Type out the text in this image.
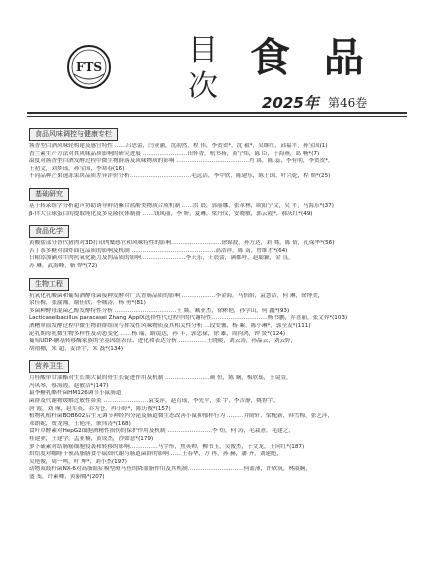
FTS	目
次
食 品
2025年 第46卷
食品风味调控与健康专栏
酱香型白酒风味轮构建及感官特性 ……吕思蕾，闫亚涵，沈韵然，程 伟，李贺贺*，沈 毅*，吴继红，邱福平，孙宝国(1)
香兰素生产方法对其风味品质影响的研究进展 ……………………田怀香，杭书扬，黄宁炜，陈 臣，于海燕，葛 畅*(7)
温度对酱香型白酒发酵过程中微生物群落及风味物质的影响 …………………………………肖 禹，陈 蕊，李有明，李贺贺*，
王初文，刘梦瑶，孙宝国，李寒春(16)
不同品种芒果递冻果块品质差异评价分析……………………………毛远洁，李中欣，陈建乐，陈土国，叶兴乾，程 焕*(25)
基础研究
基于转录组学分析超声协助诱导鲜切紫甘蓝酚类物质合成机制 ……洪 晨，郭丽娜，张革林，欧阳宁文，吴 平，马海乐*(37)
β-伴大豆球蛋白的提取纯化及多克隆抗体制备 ……钱凤丽，李 妍，夏琳，梁丹仪，安晓敏，郭云霞*，郝庆红*(49)
食品化学
黄酸盐部分替代猪肉对3D打印肉糜感官和风味特性的影响………………………徐锦波，孙方达，刘 骞，陈 倩，孔保华*(56)
苦丁茶多糖对油炸面包品质的影响及机制 ………………………………………高浩祥，陈 南，曾维才*(64)
日粮添加硒对牛肉抗氧化能力及肉品质的影响……………………李天乐，王晨蕾，满都呼，赵聪颖，金 良，
苏 琳，武海峰，靳 烨*(72)
生物工程
抗氧化乳酸菌和葡萄酒酵母菌接种发酵对广式香肠品质的影响 ………………李金海，马怡焰，袁慧洁，何 琳，徐博美，
余佳梅，张渝湘，谢佳欣，李城涛，杨 勇*(81)
多菌种酵母混菌乙醇发酵特性分析 ……………………………王 燚，臧亚杰，徐彬艳，孙学山，何 鑫*(93)
Lacticaseibacillus paracasei Zhang AppIX选择性代过程中的代谢特性…………………………杨书鹏，乔喜丽，张文羿*(103)
酒糟单血发酵过程中微生物群群组成与挥发性风味物质及其相关性分析 …段安馨，杨 絮，陈小琳*，郭全友*(111)
泌乳期母乳微生物多样性及动态变化 ……杨 瑞，路镜达，孙 丰，郭忠禄，徐 雄，周钧鸿，钟 贤*(124)
葡萄UDP-糖基转移酶家族的全基因组表征、进化和表达分析 ……………王晓暖，刘云涛，孙晶云，刘云婷，
胡禧棚，朱 超，姜泽宇，朱 磊*(134)
营养卫生
月桂酸单甘油酯对生长期大鼠的骨生长促进作用及机制 ……………………颜 恒，陈 娴，梅欣瑶，王镜萱，
冯风琴，蔡海霞，赵敏洁*(147)
鼠李糖乳酪杆菌HM126调节小鼠肠道
菌群及代谢物缓解过敏性鼻炎 ……………………袁雯萍，赵育瑶，李先平，张 宇，李吉静，姚鲁宇，
唐 霞，刘 瑾，赵军英，乔为仓，冉小婷*，陈历俊*(157)
植物乳植杆菌BOB602后生元调节神经内分泌及肠道微生态改善小鼠抑郁样行为 ………井晴轩，梁配新，韩雪梅，张艺萍，
邓朗妮，贾龙翔，王艳萍，耿伟涛*(168)
食叶草酵素对HepG2细胞酒精性损伤的保护作用及机制 ……………………李 烜，何 涛，毛栽薏，毛建之，
桂建业，王建学，孟亚楠，黄成杰，沙如意*(179)
萝卜硫素对结肠癌细胞侵袭和转移的影响……………马宇彤，焦英帅，柳书玉，吴俊杰，于文龙，王向红*(187)
烘焙度对咖啡干预高脂膳食小鼠细代谢与肠道菌群的影响 ……王春华，方 冉，孙 赫，潘 齐，刘建彪，
吴艳俊，周一鸣，叶 坤*，刘小杰(197)
动物双歧杆菌NX-6对高脂血症模型斑马鱼的降血脂作用及其机制…………………………何蓝薄，许欣筑，林淑娴，
盛 斐，许素卿，黄丽娜*(207)
